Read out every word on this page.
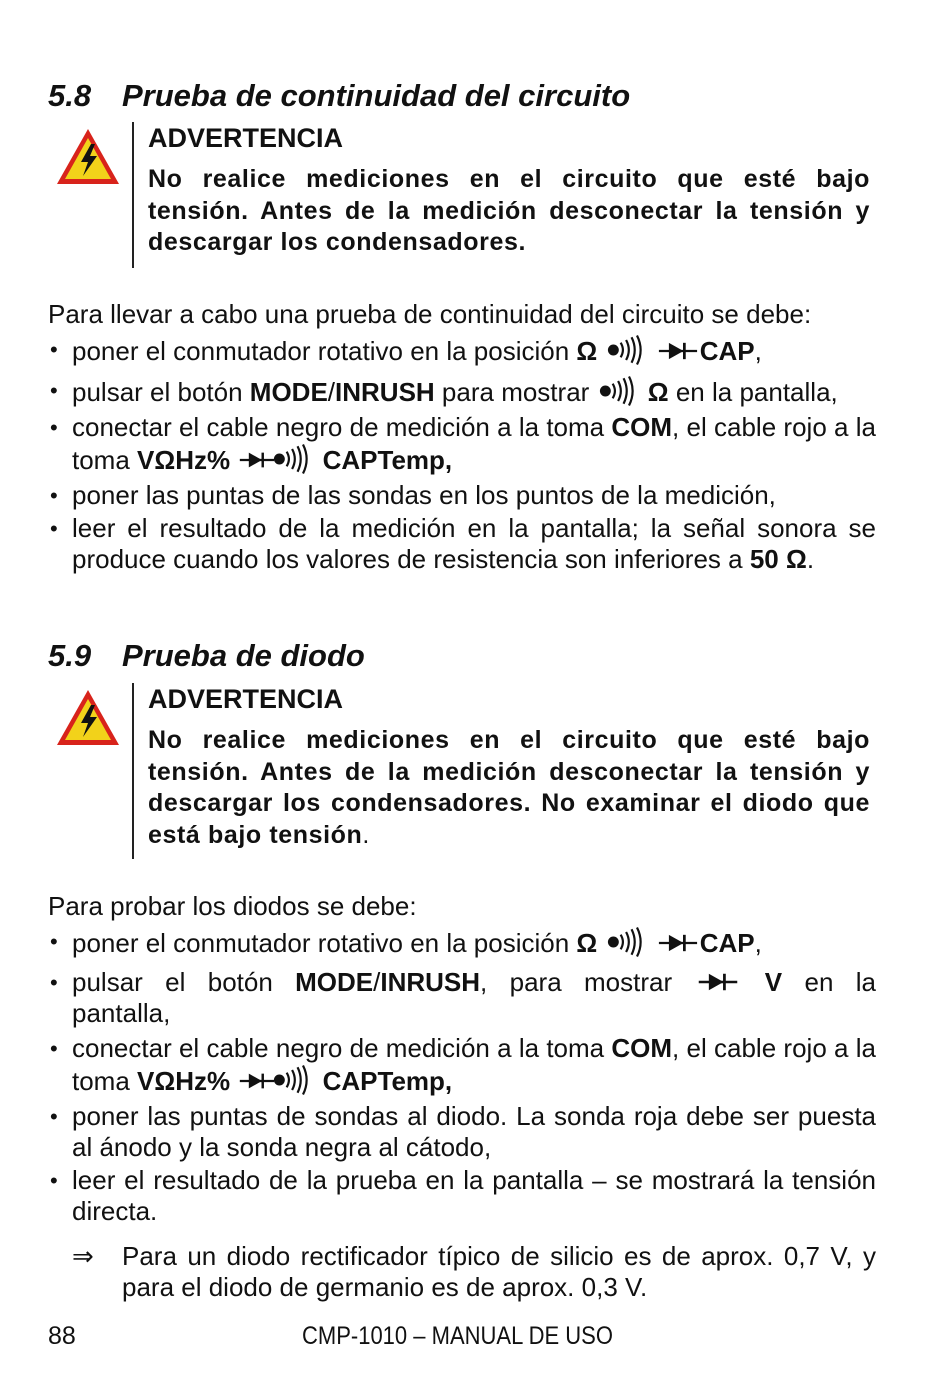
5.8 Prueba de continuidad del circuito

ADVERTENCIA

No realice mediciones en el circuito que esté bajo tensión. Antes de la medición desconectar la tensión y descargar los condensadores.

Para llevar a cabo una prueba de continuidad del circuito se debe:

• poner el conmutador rotativo en la posición Ω	CAP,
• pulsar el botón MODE/INRUSH para mostrar  Ω en la pantalla,
• conectar el cable negro de medición a la toma COM, el cable rojo a la toma VΩHz%	CAPTemp,
• poner las puntas de las sondas en los puntos de la medición,
• leer el resultado de la medición en la pantalla; la señal sonora se produce cuando los valores de resistencia son inferiores a 50 Ω.
5.9 Prueba de diodo

ADVERTENCIA

No realice mediciones en el circuito que esté bajo tensión. Antes de la medición desconectar la tensión y descargar los condensadores. No examinar el diodo que está bajo tensión.

Para probar los diodos se debe:

• poner el conmutador rotativo en la posición Ω	CAP,
• pulsar el botón MODE/INRUSH, para mostrar	V en la pantalla,
• conectar el cable negro de medición a la toma COM, el cable rojo a la toma VΩHz%	CAPTemp,
• poner las puntas de sondas al diodo. La sonda roja debe ser puesta al ánodo y la sonda negra al cátodo,
• leer el resultado de la prueba en la pantalla – se mostrará la tensión directa.
⇒ Para un diodo rectificador típico de silicio es de aprox. 0,7 V, y para el diodo de germanio es de aprox. 0,3 V.
88	CMP-1010 – MANUAL DE USO
